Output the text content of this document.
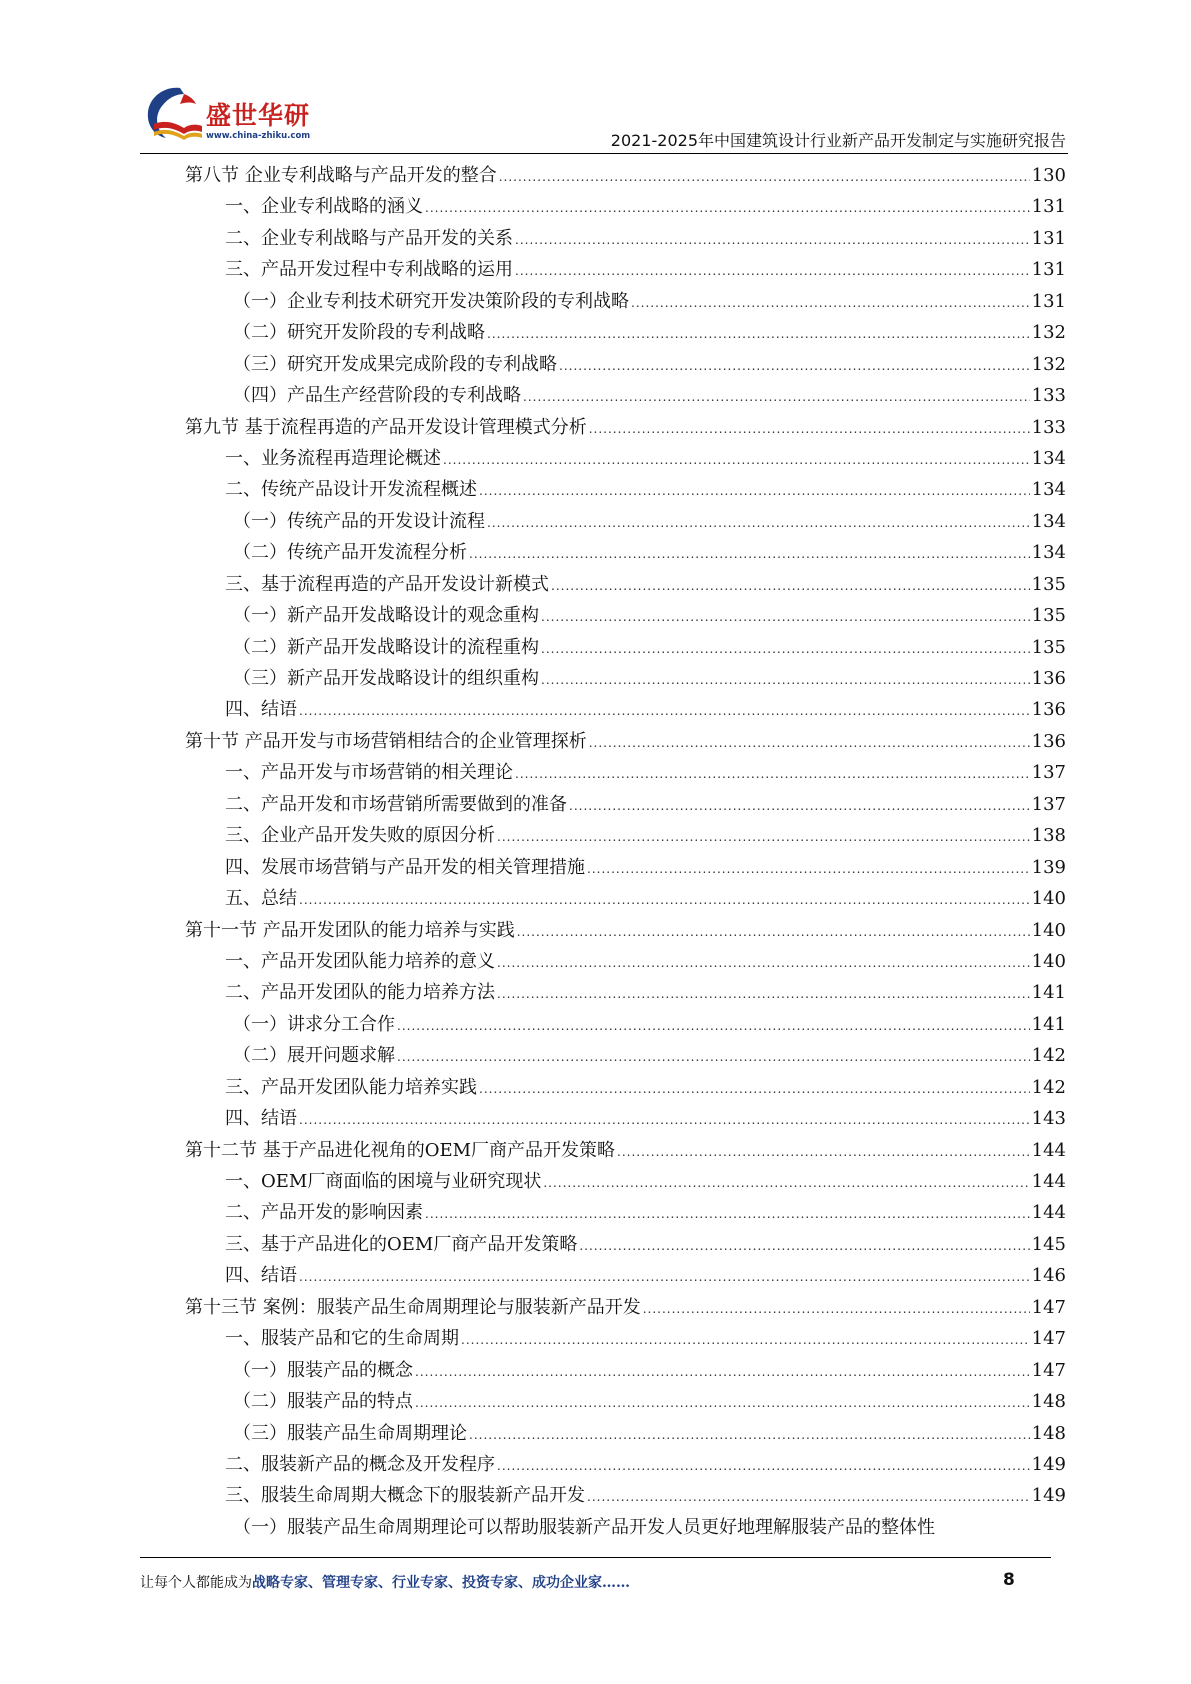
盛世华研
www.china-zhiku.com	2021-2025年中国建筑设计行业新产品开发制定与实施研究报告
第八节 企业专利战略与产品开发的整合 .....	130
一、企业专利战略的涵义 .....	131
二、企业专利战略与产品开发的关系 .....	131
三、产品开发过程中专利战略的运用 .....	131
（一）企业专利技术研究开发决策阶段的专利战略 .....	131
（二）研究开发阶段的专利战略 .....	132
（三）研究开发成果完成阶段的专利战略 .....	132
（四）产品生产经营阶段的专利战略 .....	133
第九节 基于流程再造的产品开发设计管理模式分析 .....	133
一、业务流程再造理论概述 .....	134
二、传统产品设计开发流程概述 .....	134
（一）传统产品的开发设计流程 .....	134
（二）传统产品开发流程分析 .....	134
三、基于流程再造的产品开发设计新模式 .....	135
（一）新产品开发战略设计的观念重构 .....	135
（二）新产品开发战略设计的流程重构 .....	135
（三）新产品开发战略设计的组织重构 .....	136
四、结语 .....	136
第十节 产品开发与市场营销相结合的企业管理探析 .....	136
一、产品开发与市场营销的相关理论 .....	137
二、产品开发和市场营销所需要做到的准备 .....	137
三、企业产品开发失败的原因分析 .....	138
四、发展市场营销与产品开发的相关管理措施 .....	139
五、总结 .....	140
第十一节 产品开发团队的能力培养与实践 .....	140
一、产品开发团队能力培养的意义 .....	140
二、产品开发团队的能力培养方法 .....	141
（一）讲求分工合作 .....	141
（二）展开问题求解 .....	142
三、产品开发团队能力培养实践 .....	142
四、结语 .....	143
第十二节 基于产品进化视角的OEM厂商产品开发策略 .....	144
一、OEM厂商面临的困境与业研究现状 .....	144
二、产品开发的影响因素 .....	144
三、基于产品进化的OEM厂商产品开发策略 .....	145
四、结语 .....	146
第十三节 案例：服装产品生命周期理论与服装新产品开发 .....	147
一、服装产品和它的生命周期 .....	147
（一）服装产品的概念 .....	147
（二）服装产品的特点 .....	148
（三）服装产品生命周期理论 .....	148
二、服装新产品的概念及开发程序 .....	149
三、服装生命周期大概念下的服装新产品开发 .....	149
（一）服装产品生命周期理论可以帮助服装新产品开发人员更好地理解服装产品的整体性
让每个人都能成为战略专家、管理专家、行业专家、投资专家、成功企业家……	8
